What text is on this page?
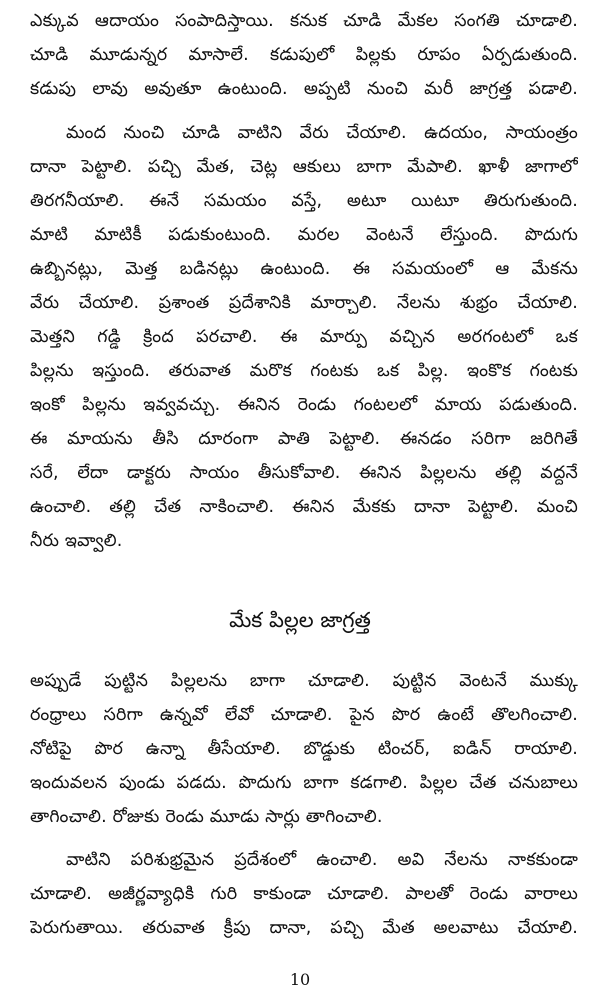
ఎక్కువ ఆదాయం సంపాదిస్తాయి. కనుక చూడి మేకల సంగతి చూడాలి.
చూడి మూడున్నర మాసాలే. కడుపులో పిల్లకు రూపం ఏర్పడుతుంది.
కడుపు లావు అవుతూ ఉంటుంది. అప్పటి నుంచి మరీ జాగ్రత్త పడాలి.
మంద నుంచి చూడి వాటిని వేరు చేయాలి. ఉదయం, సాయంత్రం
దానా పెట్టాలి. పచ్చి మేత, చెట్ల ఆకులు బాగా మేపాలి. ఖాళీ జాగాలో
తిరగనీయాలి. ఈనే సమయం వస్తే, అటూ యిటూ తిరుగుతుంది.
మాటి మాటికీ పడుకుంటుంది. మరల వెంటనే లేస్తుంది. పొదుగు
ఉబ్బినట్లు, మెత్త బడినట్లు ఉంటుంది. ఈ సమయంలో ఆ మేకను
వేరు చేయాలి. ప్రశాంత ప్రదేశానికి మార్చాలి. నేలను శుభ్రం చేయాలి.
మెత్తని గడ్డి క్రింద పరచాలి. ఈ మార్పు వచ్చిన అరగంటలో ఒక
పిల్లను ఇస్తుంది. తరువాత మరొక గంటకు ఒక పిల్ల. ఇంకొక గంటకు
ఇంకో పిల్లను ఇవ్వవచ్చు. ఈనిన రెండు గంటలలో మాయ పడుతుంది.
ఈ మాయను తీసి దూరంగా పాతి పెట్టాలి. ఈనడం సరిగా జరిగితే
సరే, లేదా డాక్టరు సాయం తీసుకోవాలి. ఈనిన పిల్లలను తల్లి వద్దనే
ఉంచాలి. తల్లి చేత నాకించాలి. ఈనిన మేకకు దానా పెట్టాలి. మంచి
నీరు ఇవ్వాలి.
మేక పిల్లల జాగ్రత్త
అప్పుడే పుట్టిన పిల్లలను బాగా చూడాలి. పుట్టిన వెంటనే ముక్కు
రంధ్రాలు సరిగా ఉన్నవో లేవో చూడాలి. పైన పొర ఉంటే తొలగించాలి.
నోటిపై పొర ఉన్నా తీసేయాలి. బొడ్డుకు టించర్, ఐడిన్ రాయాలి.
ఇందువలన పుండు పడదు. పొదుగు బాగా కడగాలి. పిల్లల చేత చనుబాలు
తాగించాలి. రోజుకు రెండు మూడు సార్లు తాగించాలి.
వాటిని పరిశుభ్రమైన ప్రదేశంలో ఉంచాలి. అవి నేలను నాకకుండా
చూడాలి. అజీర్ణవ్యాధికి గురి కాకుండా చూడాలి. పాలతో రెండు వారాలు
పెరుగుతాయి. తరువాత క్రీపు దానా, పచ్చి మేత అలవాటు చేయాలి.
10
